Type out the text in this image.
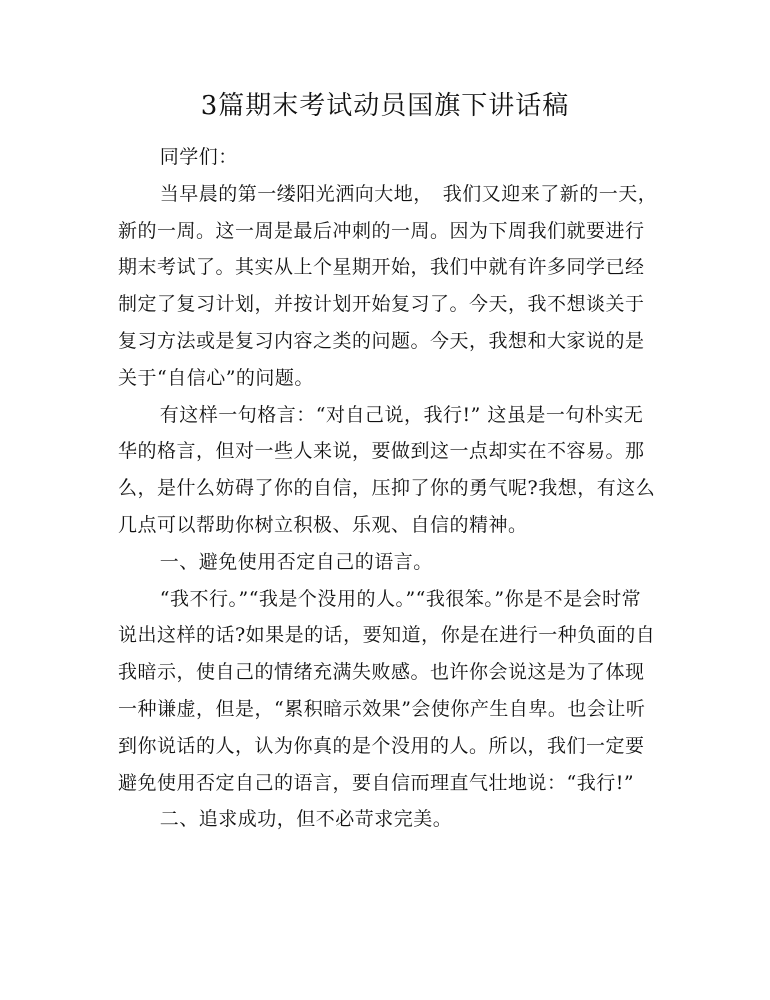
3篇期末考试动员国旗下讲话稿

同学们：

当早晨的第一缕阳光洒向大地，　我们又迎来了新的一天，新的一周。这一周是最后冲刺的一周。因为下周我们就要进行期末考试了。其实从上个星期开始，我们中就有许多同学已经制定了复习计划，并按计划开始复习了。今天，我不想谈关于复习方法或是复习内容之类的问题。今天，我想和大家说的是关于“自信心”的问题。

有这样一句格言：“对自己说，我行!” 这虽是一句朴实无华的格言，但对一些人来说，要做到这一点却实在不容易。那么，是什么妨碍了你的自信，压抑了你的勇气呢?我想，有这么几点可以帮助你树立积极、乐观、自信的精神。

一、避免使用否定自己的语言。

“我不行。”“我是个没用的人。”“我很笨。”你是不是会时常说出这样的话?如果是的话，要知道，你是在进行一种负面的自我暗示，使自己的情绪充满失败感。也许你会说这是为了体现一种谦虚，但是，“累积暗示效果”会使你产生自卑。也会让听到你说话的人，认为你真的是个没用的人。所以，我们一定要避免使用否定自己的语言，要自信而理直气壮地说：“我行!”

二、追求成功，但不必苛求完美。
